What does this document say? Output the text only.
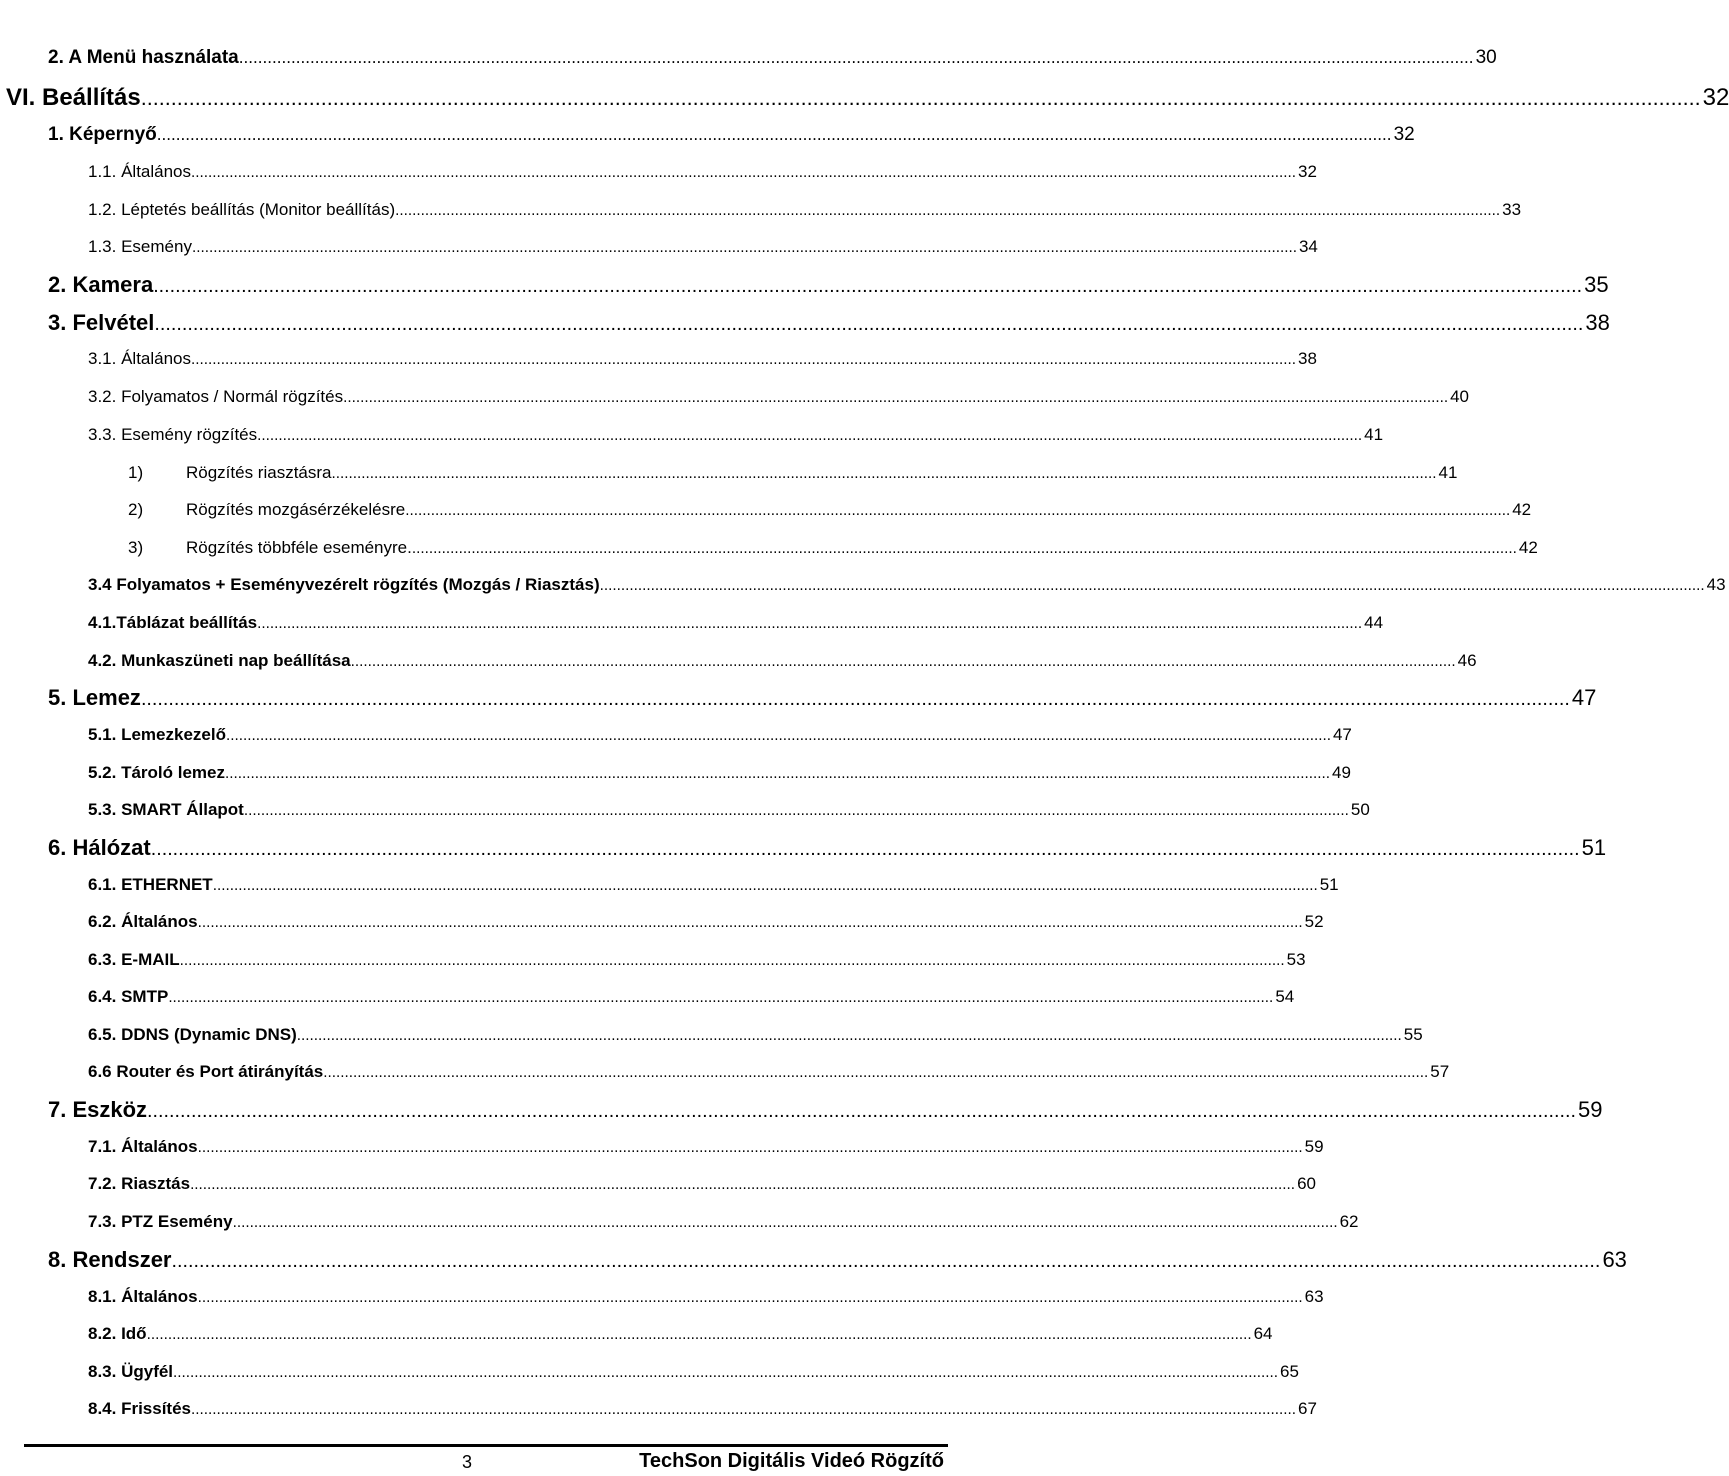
2. A Menü használata .................................................................................................................................................................................................................................................................... 30
VI. Beállítás .................................................................................................................................................................................................................................................................... 32
1. Képernyő .................................................................................................................................................................................................................................................................... 32
1.1. Általános .................................................................................................................................................................................................................................................................... 32
1.2. Léptetés beállítás (Monitor beállítás) .................................................................................................................................................................................................................................................................... 33
1.3. Esemény .................................................................................................................................................................................................................................................................... 34
2. Kamera .................................................................................................................................................................................................................................................................... 35
3. Felvétel .................................................................................................................................................................................................................................................................... 38
3.1. Általános .................................................................................................................................................................................................................................................................... 38
3.2. Folyamatos / Normál rögzítés .................................................................................................................................................................................................................................................................... 40
3.3. Esemény rögzítés .................................................................................................................................................................................................................................................................... 41
1)	Rögzítés riasztásra .................................................................................................................................................................................................................................................................... 41
2)	Rögzítés mozgásérzékelésre .................................................................................................................................................................................................................................................................... 42
3)	Rögzítés többféle eseményre. .................................................................................................................................................................................................................................................................... 42
3.4 Folyamatos + Eseményvezérelt rögzítés (Mozgás / Riasztás) .................................................................................................................................................................................................................................................................... 43
4.1.Táblázat beállítás .................................................................................................................................................................................................................................................................... 44
4.2. Munkaszüneti nap beállítása .................................................................................................................................................................................................................................................................... 46
5. Lemez .................................................................................................................................................................................................................................................................... 47
5.1. Lemezkezelő .................................................................................................................................................................................................................................................................... 47
5.2. Tároló lemez .................................................................................................................................................................................................................................................................... 49
5.3. SMART Állapot .................................................................................................................................................................................................................................................................... 50
6. Hálózat .................................................................................................................................................................................................................................................................... 51
6.1. ETHERNET .................................................................................................................................................................................................................................................................... 51
6.2. Általános .................................................................................................................................................................................................................................................................... 52
6.3. E-MAIL .................................................................................................................................................................................................................................................................... 53
6.4. SMTP .................................................................................................................................................................................................................................................................... 54
6.5. DDNS (Dynamic DNS) .................................................................................................................................................................................................................................................................... 55
6.6 Router és Port átirányítás .................................................................................................................................................................................................................................................................... 57
7. Eszköz .................................................................................................................................................................................................................................................................... 59
7.1. Általános .................................................................................................................................................................................................................................................................... 59
7.2. Riasztás .................................................................................................................................................................................................................................................................... 60
7.3. PTZ Esemény .................................................................................................................................................................................................................................................................... 62
8. Rendszer .................................................................................................................................................................................................................................................................... 63
8.1. Általános .................................................................................................................................................................................................................................................................... 63
8.2. Idő .................................................................................................................................................................................................................................................................... 64
8.3. Ügyfél .................................................................................................................................................................................................................................................................... 65
8.4. Frissítés .................................................................................................................................................................................................................................................................... 67
3	TechSon Digitális Videó Rögzítő
